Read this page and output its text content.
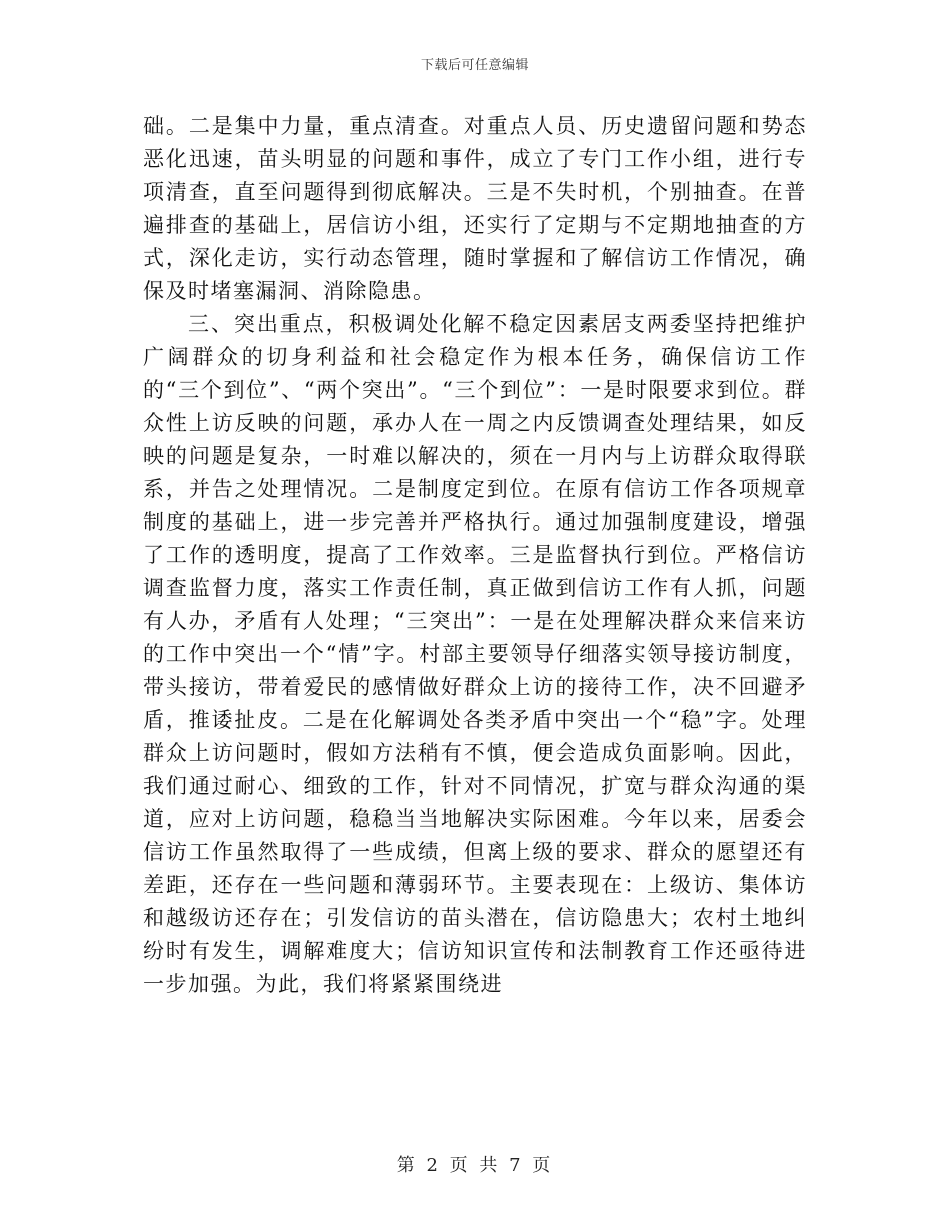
下载后可任意编辑

础。二是集中力量，重点清查。对重点人员、历史遗留问题和势态恶化迅速，苗头明显的问题和事件，成立了专门工作小组，进行专项清查，直至问题得到彻底解决。三是不失时机，个别抽查。在普遍排查的基础上，居信访小组，还实行了定期与不定期地抽查的方式，深化走访，实行动态管理，随时掌握和了解信访工作情况，确保及时堵塞漏洞、消除隐患。

三、突出重点，积极调处化解不稳定因素居支两委坚持把维护广阔群众的切身利益和社会稳定作为根本任务，确保信访工作的“三个到位”、“两个突出”。“三个到位”：一是时限要求到位。群众性上访反映的问题，承办人在一周之内反馈调查处理结果，如反映的问题是复杂，一时难以解决的，须在一月内与上访群众取得联系，并告之处理情况。二是制度定到位。在原有信访工作各项规章制度的基础上，进一步完善并严格执行。通过加强制度建设，增强了工作的透明度，提高了工作效率。三是监督执行到位。严格信访调查监督力度，落实工作责任制，真正做到信访工作有人抓，问题有人办，矛盾有人处理；“三突出”：一是在处理解决群众来信来访的工作中突出一个“情”字。村部主要领导仔细落实领导接访制度，带头接访，带着爱民的感情做好群众上访的接待工作，决不回避矛盾，推诿扯皮。二是在化解调处各类矛盾中突出一个“稳”字。处理群众上访问题时，假如方法稍有不慎，便会造成负面影响。因此，我们通过耐心、细致的工作，针对不同情况，扩宽与群众沟通的渠道，应对上访问题，稳稳当当地解决实际困难。今年以来，居委会信访工作虽然取得了一些成绩，但离上级的要求、群众的愿望还有差距，还存在一些问题和薄弱环节。主要表现在：上级访、集体访和越级访还存在；引发信访的苗头潜在，信访隐患大；农村土地纠纷时有发生，调解难度大；信访知识宣传和法制教育工作还亟待进一步加强。为此，我们将紧紧围绕进

第 2 页 共 7 页
